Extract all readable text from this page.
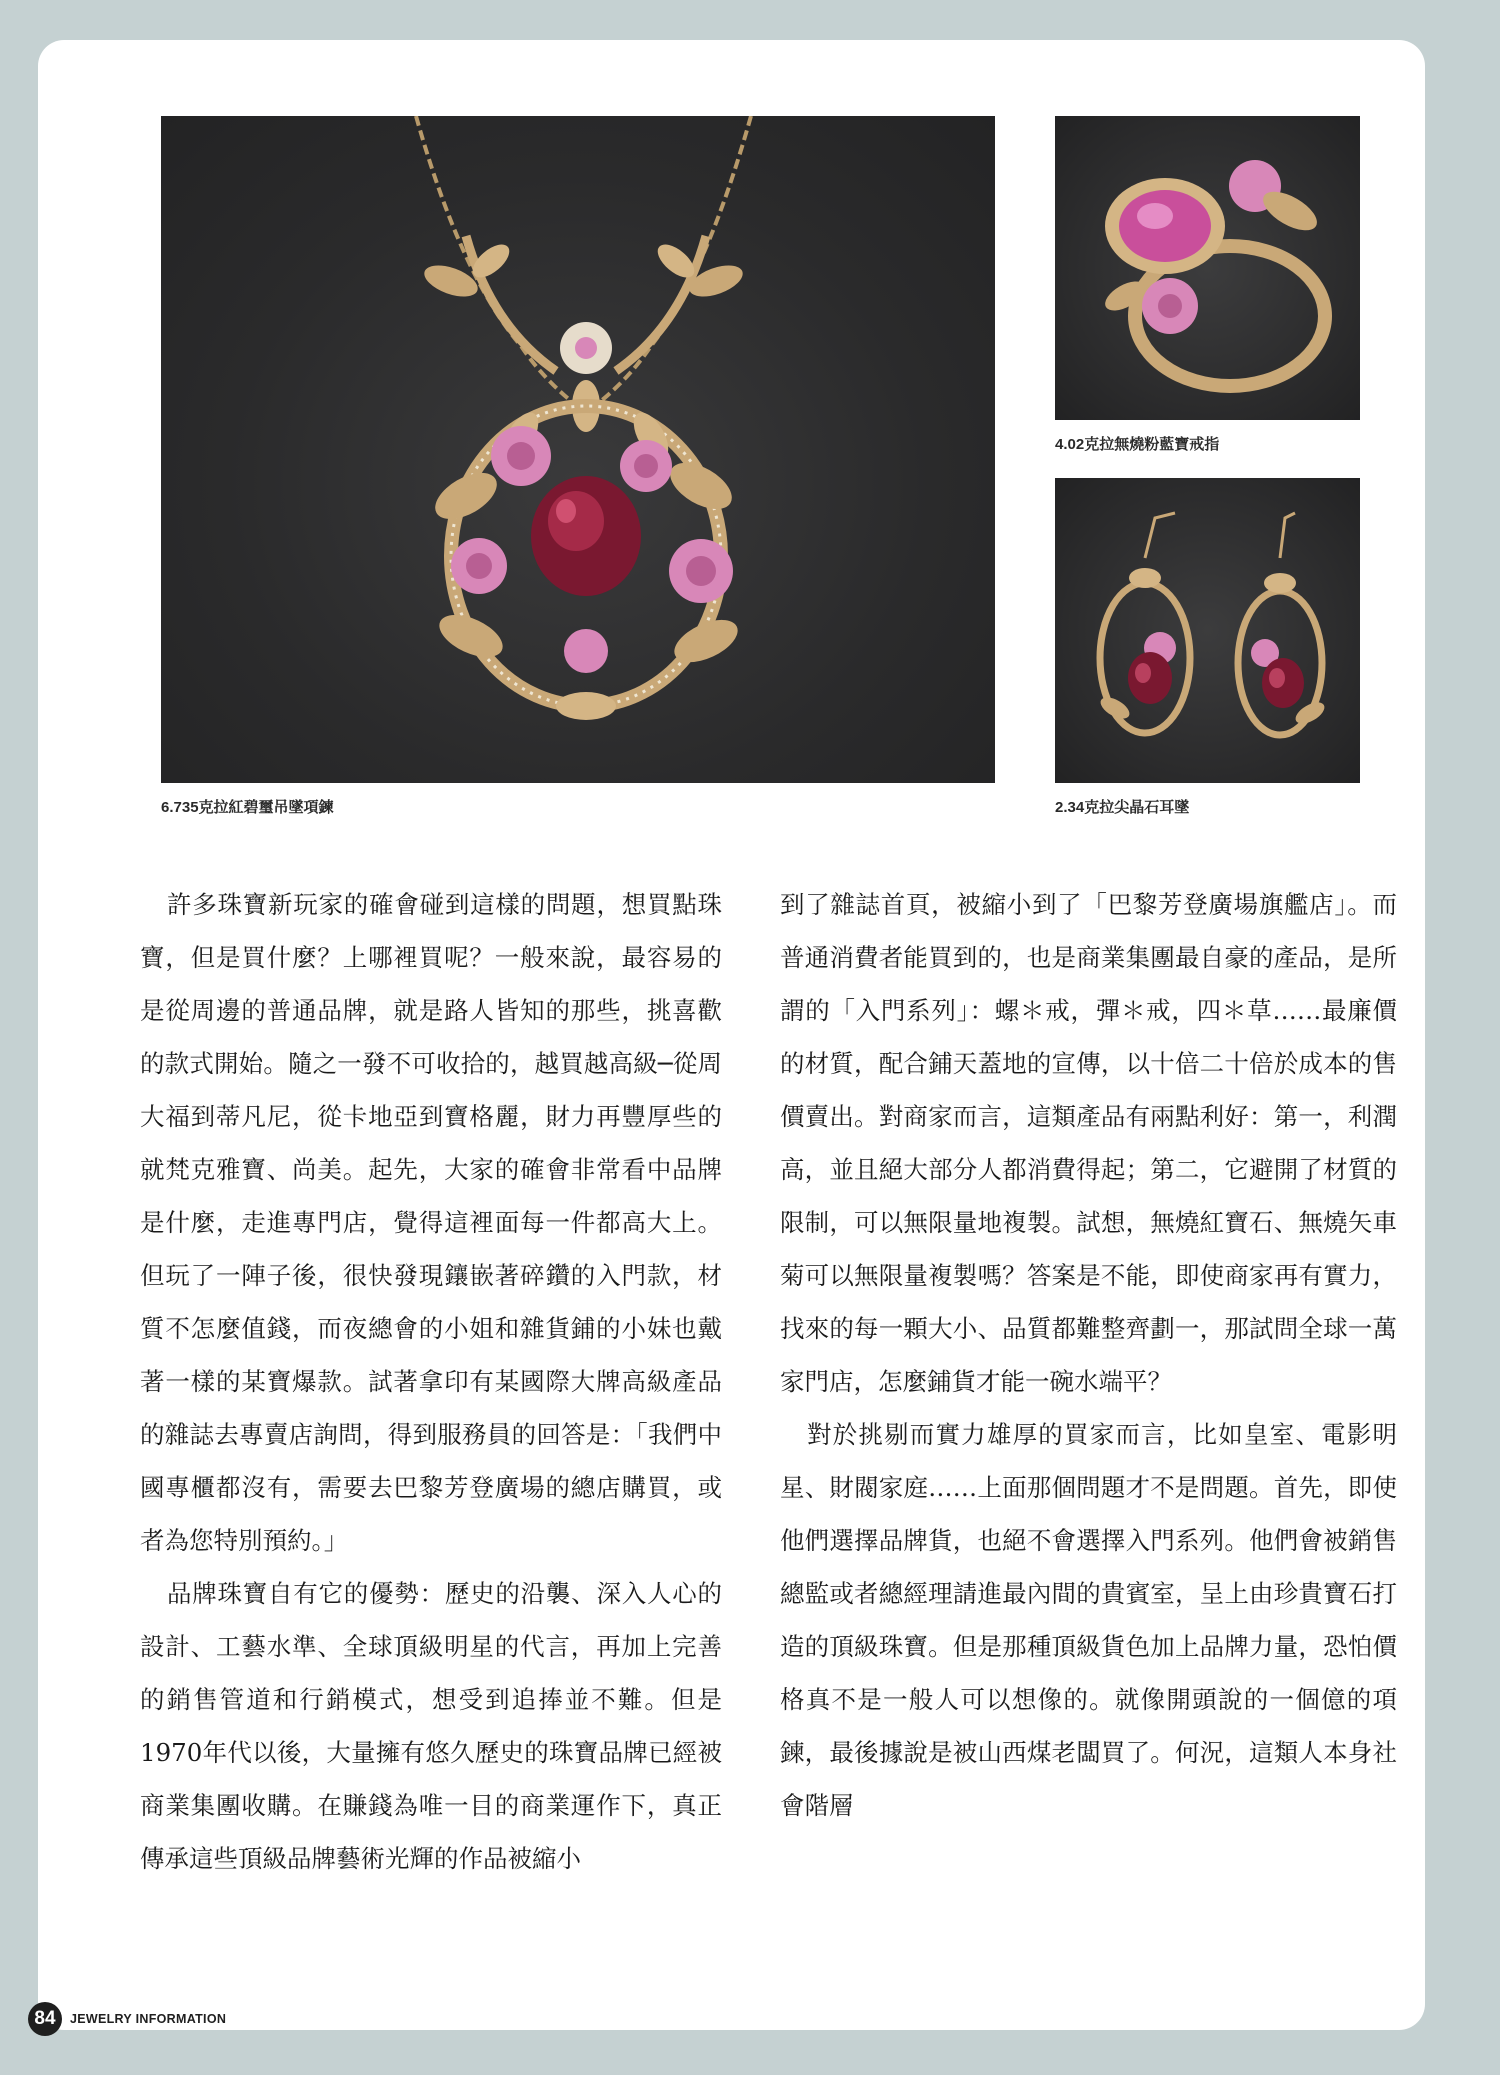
6.735克拉紅碧璽吊墜項鍊
4.02克拉無燒粉藍寶戒指
2.34克拉尖晶石耳墜

許多珠寶新玩家的確會碰到這樣的問題，想買點珠寶，但是買什麼？上哪裡買呢？一般來說，最容易的是從周邊的普通品牌，就是路人皆知的那些，挑喜歡的款式開始。隨之一發不可收拾的，越買越高級─從周大福到蒂凡尼，從卡地亞到寶格麗，財力再豐厚些的就梵克雅寶、尚美。起先，大家的確會非常看中品牌是什麼，走進專門店，覺得這裡面每一件都高大上。但玩了一陣子後，很快發現鑲嵌著碎鑽的入門款，材質不怎麼值錢，而夜總會的小姐和雜貨鋪的小妹也戴著一樣的某寶爆款。試著拿印有某國際大牌高級產品的雜誌去專賣店詢問，得到服務員的回答是：「我們中國專櫃都沒有，需要去巴黎芳登廣場的總店購買，或者為您特別預約。」

品牌珠寶自有它的優勢：歷史的沿襲、深入人心的設計、工藝水準、全球頂級明星的代言，再加上完善的銷售管道和行銷模式，想受到追捧並不難。但是1970年代以後，大量擁有悠久歷史的珠寶品牌已經被商業集團收購。在賺錢為唯一目的商業運作下，真正傳承這些頂級品牌藝術光輝的作品被縮小

到了雜誌首頁，被縮小到了「巴黎芳登廣場旗艦店」。而普通消費者能買到的，也是商業集團最自豪的產品，是所謂的「入門系列」：螺＊戒，彈＊戒，四＊草……最廉價的材質，配合鋪天蓋地的宣傳，以十倍二十倍於成本的售價賣出。對商家而言，這類產品有兩點利好：第一，利潤高，並且絕大部分人都消費得起；第二，它避開了材質的限制，可以無限量地複製。試想，無燒紅寶石、無燒矢車菊可以無限量複製嗎？答案是不能，即使商家再有實力，找來的每一顆大小、品質都難整齊劃一，那試問全球一萬家門店，怎麼鋪貨才能一碗水端平？

對於挑剔而實力雄厚的買家而言，比如皇室、電影明星、財閥家庭……上面那個問題才不是問題。首先，即使他們選擇品牌貨，也絕不會選擇入門系列。他們會被銷售總監或者總經理請進最內間的貴賓室，呈上由珍貴寶石打造的頂級珠寶。但是那種頂級貨色加上品牌力量，恐怕價格真不是一般人可以想像的。就像開頭說的一個億的項鍊，最後據說是被山西煤老闆買了。何況，這類人本身社會階層

84	JEWELRY INFORMATION
